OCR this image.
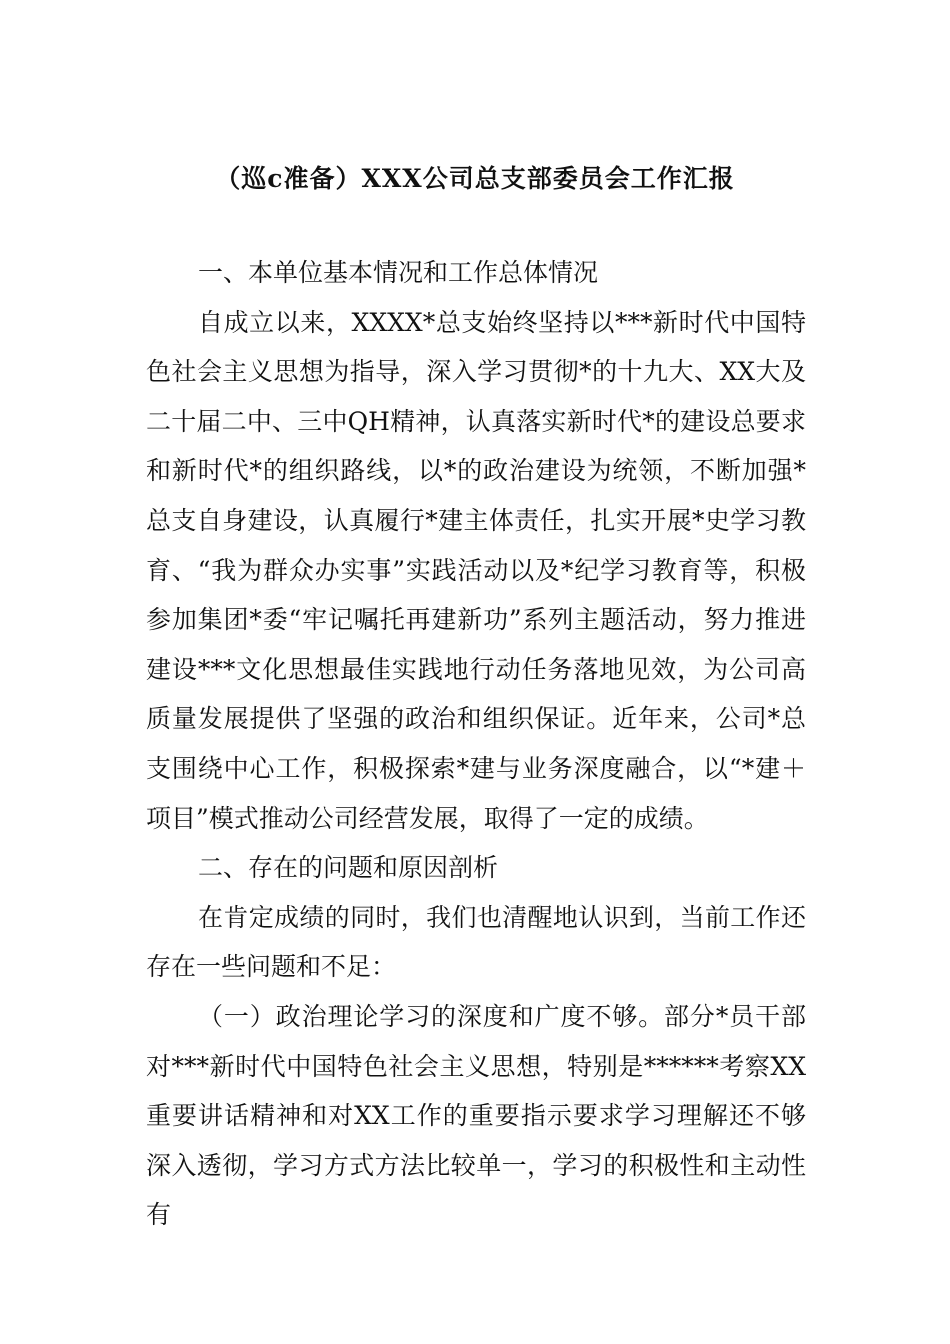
（巡c准备）XXX公司总支部委员会工作汇报

一、本单位基本情况和工作总体情况

自成立以来，XXXX*总支始终坚持以***新时代中国特色社会主义思想为指导，深入学习贯彻*的十九大、XX大及二十届二中、三中QH精神，认真落实新时代*的建设总要求和新时代*的组织路线，以*的政治建设为统领，不断加强*总支自身建设，认真履行*建主体责任，扎实开展*史学习教育、“我为群众办实事”实践活动以及*纪学习教育等，积极参加集团*委“牢记嘱托再建新功”系列主题活动，努力推进建设***文化思想最佳实践地行动任务落地见效，为公司高质量发展提供了坚强的政治和组织保证。近年来，公司*总支围绕中心工作，积极探索*建与业务深度融合，以“*建＋项目”模式推动公司经营发展，取得了一定的成绩。

二、存在的问题和原因剖析

在肯定成绩的同时，我们也清醒地认识到，当前工作还存在一些问题和不足：

（一）政治理论学习的深度和广度不够。部分*员干部对***新时代中国特色社会主义思想，特别是******考察XX重要讲话精神和对XX工作的重要指示要求学习理解还不够深入透彻，学习方式方法比较单一，学习的积极性和主动性有
